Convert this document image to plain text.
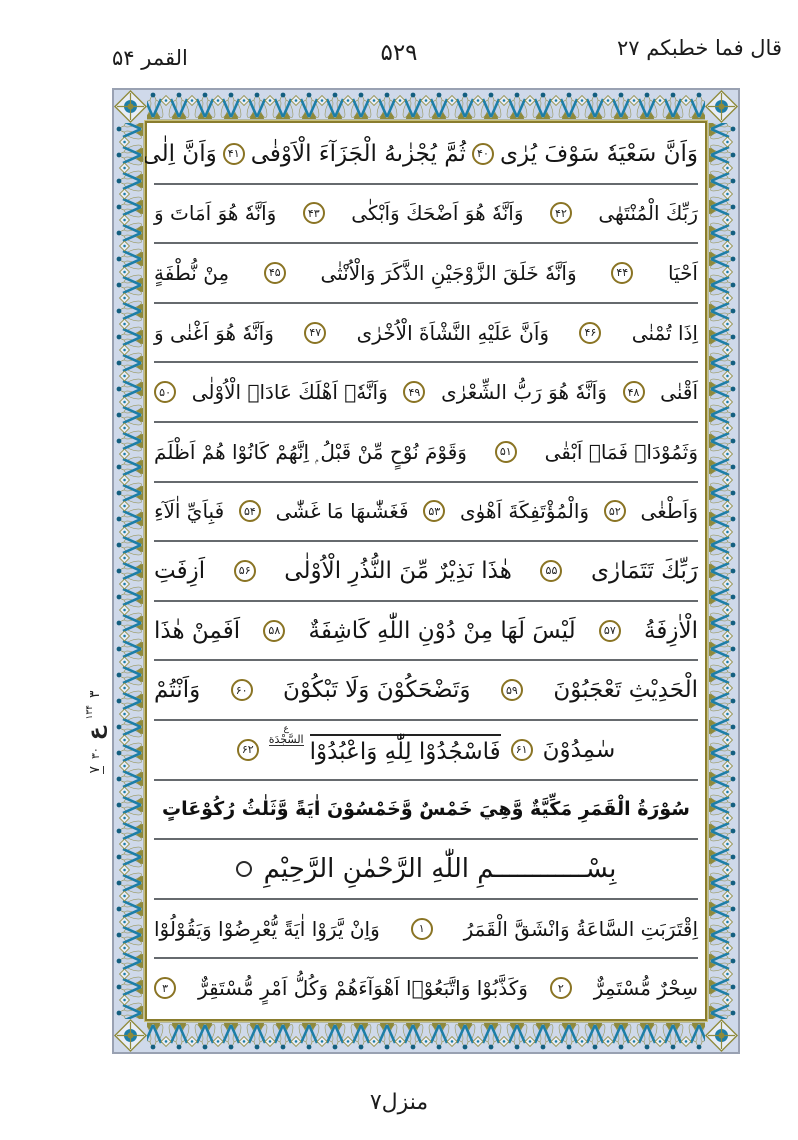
قال فما خطبكم ۲۷
۵۲۹
القمر ۵۴
وَاَنَّ سَعْيَهٗ سَوْفَ يُرٰى
۴۰
ثُمَّ يُجْزٰىهُ الْجَزَآءَ الْاَوْفٰى
۴۱
وَاَنَّ اِلٰى
رَبِّكَ الْمُنْتَهٰى
۴۲
وَاَنَّهٗ هُوَ اَضْحَكَ وَاَبْكٰى
۴۳
وَاَنَّهٗ هُوَ اَمَاتَ وَ
اَحْيَا
۴۴
وَاَنَّهٗ خَلَقَ الزَّوْجَيْنِ الذَّكَرَ وَالْاُنْثٰى
۴۵
مِنْ نُّطْفَةٍ
اِذَا تُمْنٰى
۴۶
وَاَنَّ عَلَيْهِ النَّشْاَةَ الْاُخْرٰى
۴۷
وَاَنَّهٗ هُوَ اَغْنٰى وَ
اَقْنٰى
۴۸
وَاَنَّهٗ هُوَ رَبُّ الشِّعْرٰى
۴۹
وَاَنَّهٗۤ اَهْلَكَ عَادَاۨ الْاُوْلٰى
۵۰
وَثَمُوْدَاۡ فَمَاۤ اَبْقٰى
۵۱
وَقَوْمَ نُوْحٍ مِّنْ قَبْلُ ۭ اِنَّهُمْ كَانُوْا هُمْ اَظْلَمَ
وَاَطْغٰى
۵۲
وَالْمُؤْتَفِكَةَ اَهْوٰى
۵۳
فَغَشّٰىهَا مَا غَشّٰى
۵۴
فَبِاَيِّ اٰلَآءِ
رَبِّكَ تَتَمَارٰى
۵۵
هٰذَا نَذِيْرٌ مِّنَ النُّذُرِ الْاُوْلٰى
۵۶
اَزِفَتِ
الْاٰزِفَةُ
۵۷
لَيْسَ لَهَا مِنْ دُوْنِ اللّٰهِ كَاشِفَةٌ
۵۸
اَفَمِنْ هٰذَا
الْحَدِيْثِ تَعْجَبُوْنَ
۵۹
وَتَضْحَكُوْنَ وَلَا تَبْكُوْنَ
۶۰
وَاَنْتُمْ
سٰمِدُوْنَ
۶۱
فَاسْجُدُوْا لِلّٰهِ وَاعْبُدُوْا
ع
السَّجْدَة
۶۲
سُوْرَةُ الْقَمَرِ مَكِّيَّةٌ وَّهِيَ خَمْسٌ وَّخَمْسُوْنَ اٰيَةً وَّثَلٰثُ رُكُوْعَاتٍ
بِسْــــــــــــمِ اللّٰهِ الرَّحْمٰنِ الرَّحِيْمِ
اِقْتَرَبَتِ السَّاعَةُ وَانْشَقَّ الْقَمَرُ
۱
وَاِنْ يَّرَوْا اٰيَةً يُّعْرِضُوْا وَيَقُوْلُوْا
سِحْرٌ مُّسْتَمِرٌّ
۲
وَكَذَّبُوْا وَاتَّبَعُوْۤا اَهْوَآءَهُمْ وَكُلُّ اَمْرٍ مُّسْتَقِرٌّ
۳
۳
۱۳۴
ع
۳۰
۷
منزل۷
